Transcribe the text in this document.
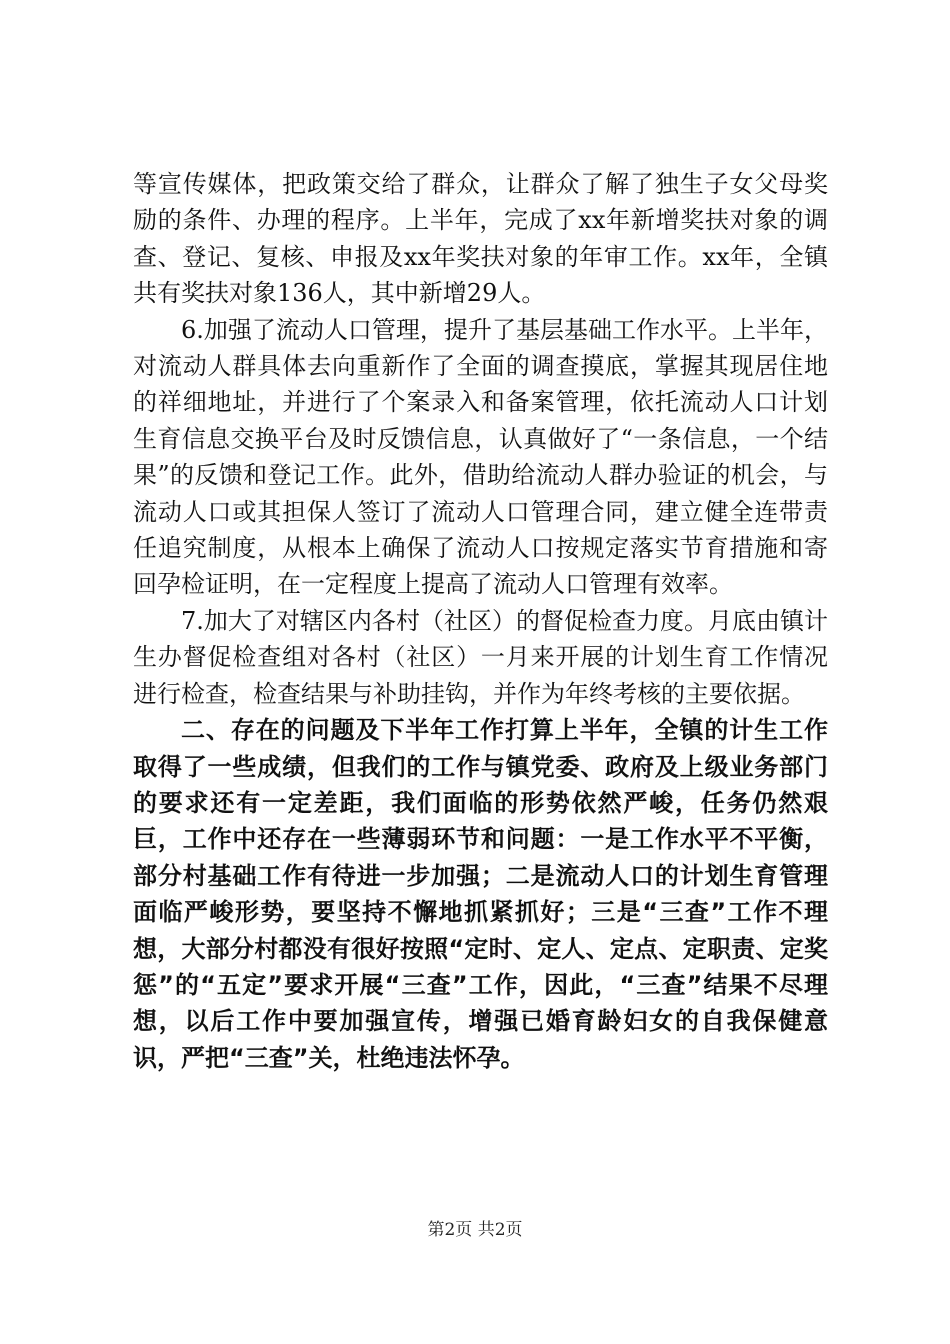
等宣传媒体，把政策交给了群众，让群众了解了独生子女父母奖励的条件、办理的程序。上半年，完成了xx年新增奖扶对象的调查、登记、复核、申报及xx年奖扶对象的年审工作。xx年，全镇共有奖扶对象136人，其中新增29人。

6.加强了流动人口管理，提升了基层基础工作水平。上半年，对流动人群具体去向重新作了全面的调查摸底，掌握其现居住地的祥细地址，并进行了个案录入和备案管理，依托流动人口计划生育信息交换平台及时反馈信息，认真做好了“一条信息，一个结果”的反馈和登记工作。此外，借助给流动人群办验证的机会，与流动人口或其担保人签订了流动人口管理合同，建立健全连带责任追究制度，从根本上确保了流动人口按规定落实节育措施和寄回孕检证明，在一定程度上提高了流动人口管理有效率。

7.加大了对辖区内各村（社区）的督促检查力度。月底由镇计生办督促检查组对各村（社区）一月来开展的计划生育工作情况进行检查，检查结果与补助挂钩，并作为年终考核的主要依据。

二、存在的问题及下半年工作打算上半年，全镇的计生工作取得了一些成绩，但我们的工作与镇党委、政府及上级业务部门的要求还有一定差距，我们面临的形势依然严峻，任务仍然艰巨，工作中还存在一些薄弱环节和问题：一是工作水平不平衡，部分村基础工作有待进一步加强；二是流动人口的计划生育管理面临严峻形势，要坚持不懈地抓紧抓好；三是“三查”工作不理想，大部分村都没有很好按照“定时、定人、定点、定职责、定奖惩”的“五定”要求开展“三查”工作，因此，“三查”结果不尽理想，以后工作中要加强宣传，增强已婚育龄妇女的自我保健意识，严把“三查”关，杜绝违法怀孕。

第2页 共2页
